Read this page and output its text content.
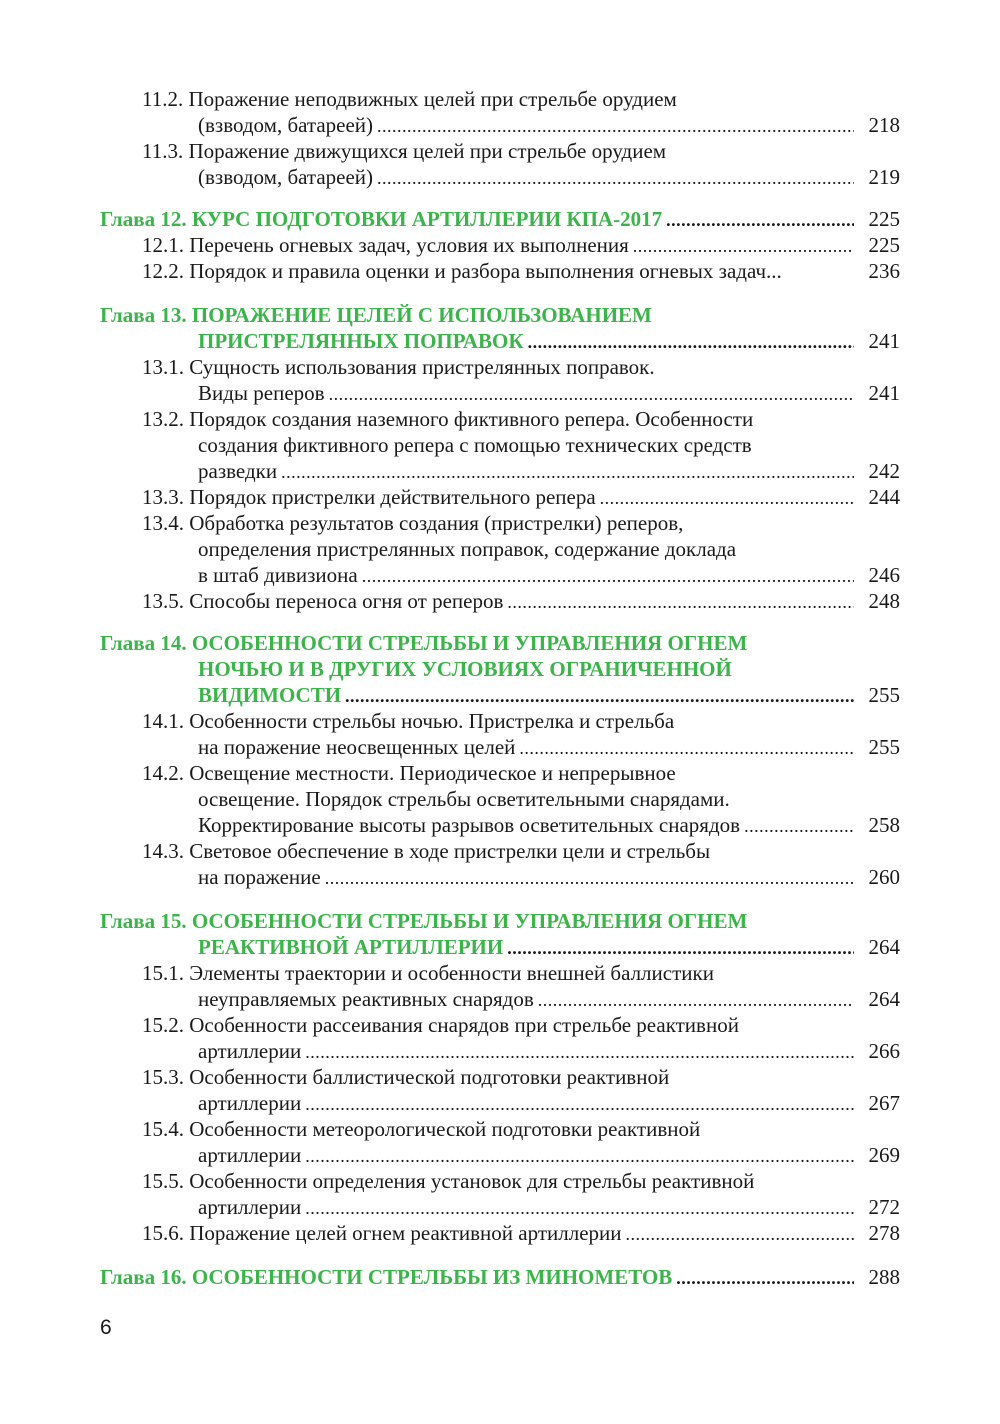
11.2. Поражение неподвижных целей при стрельбе орудием
(взводом, батареей) . . .	218
11.3. Поражение движущихся целей при стрельбе орудием
(взводом, батареей) . . .	219
Глава 12. КУРС ПОДГОТОВКИ АРТИЛЛЕРИИ КПА-2017 . . .	225
12.1. Перечень огневых задач, условия их выполнения . . .	225
12.2. Порядок и правила оценки и разбора выполнения огневых задач...	236
Глава 13. ПОРАЖЕНИЕ ЦЕЛЕЙ С ИСПОЛЬЗОВАНИЕМ
ПРИСТРЕЛЯННЫХ ПОПРАВОК . . .	241
13.1. Сущность использования пристрелянных поправок.
Виды реперов . . .	241
13.2. Порядок создания наземного фиктивного репера. Особенности
создания фиктивного репера с помощью технических средств
разведки . . .	242
13.3. Порядок пристрелки действительного репера . . .	244
13.4. Обработка результатов создания (пристрелки) реперов,
определения пристрелянных поправок, содержание доклада
в штаб дивизиона . . .	246
13.5. Способы переноса огня от реперов . . .	248
Глава 14. ОСОБЕННОСТИ СТРЕЛЬБЫ И УПРАВЛЕНИЯ ОГНЕМ
НОЧЬЮ И В ДРУГИХ УСЛОВИЯХ ОГРАНИЧЕННОЙ
ВИДИМОСТИ . . .	255
14.1. Особенности стрельбы ночью. Пристрелка и стрельба
на поражение неосвещенных целей . . .	255
14.2. Освещение местности. Периодическое и непрерывное
освещение. Порядок стрельбы осветительными снарядами.
Корректирование высоты разрывов осветительных снарядов . . .	258
14.3. Световое обеспечение в ходе пристрелки цели и стрельбы
на поражение . . .	260
Глава 15. ОСОБЕННОСТИ СТРЕЛЬБЫ И УПРАВЛЕНИЯ ОГНЕМ
РЕАКТИВНОЙ АРТИЛЛЕРИИ . . .	264
15.1. Элементы траектории и особенности внешней баллистики
неуправляемых реактивных снарядов . . .	264
15.2. Особенности рассеивания снарядов при стрельбе реактивной
артиллерии . . .	266
15.3. Особенности баллистической подготовки реактивной
артиллерии . . .	267
15.4. Особенности метеорологической подготовки реактивной
артиллерии . . .	269
15.5. Особенности определения установок для стрельбы реактивной
артиллерии . . .	272
15.6. Поражение целей огнем реактивной артиллерии . . .	278
Глава 16. ОСОБЕННОСТИ СТРЕЛЬБЫ ИЗ МИНОМЕТОВ . . .	288
6
